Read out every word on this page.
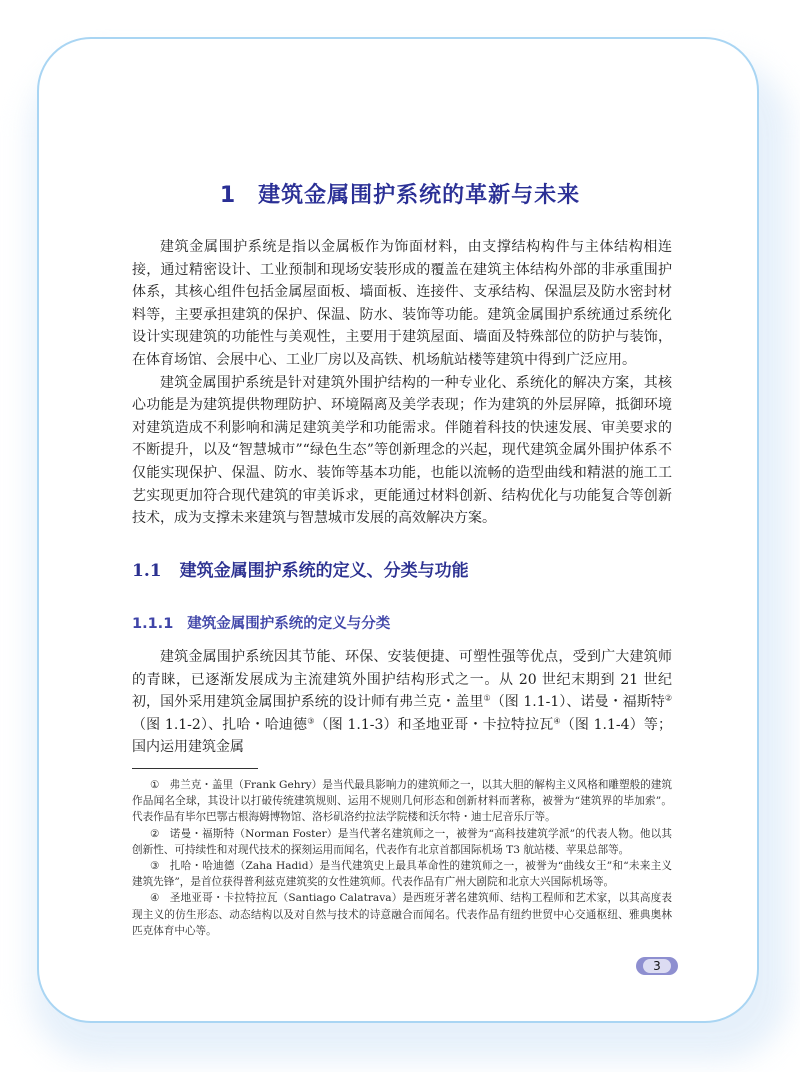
1 建筑金属围护系统的革新与未来

建筑金属围护系统是指以金属板作为饰面材料，由支撑结构构件与主体结构相连接，通过精密设计、工业预制和现场安装形成的覆盖在建筑主体结构外部的非承重围护体系，其核心组件包括金属屋面板、墙面板、连接件、支承结构、保温层及防水密封材料等，主要承担建筑的保护、保温、防水、装饰等功能。建筑金属围护系统通过系统化设计实现建筑的功能性与美观性，主要用于建筑屋面、墙面及特殊部位的防护与装饰，在体育场馆、会展中心、工业厂房以及高铁、机场航站楼等建筑中得到广泛应用。

建筑金属围护系统是针对建筑外围护结构的一种专业化、系统化的解决方案，其核心功能是为建筑提供物理防护、环境隔离及美学表现；作为建筑的外层屏障，抵御环境对建筑造成不利影响和满足建筑美学和功能需求。伴随着科技的快速发展、审美要求的不断提升，以及“智慧城市”“绿色生态”等创新理念的兴起，现代建筑金属外围护体系不仅能实现保护、保温、防水、装饰等基本功能，也能以流畅的造型曲线和精湛的施工工艺实现更加符合现代建筑的审美诉求，更能通过材料创新、结构优化与功能复合等创新技术，成为支撑未来建筑与智慧城市发展的高效解决方案。

1.1 建筑金属围护系统的定义、分类与功能
1.1.1 建筑金属围护系统的定义与分类

建筑金属围护系统因其节能、环保、安装便捷、可塑性强等优点，受到广大建筑师的青睐，已逐渐发展成为主流建筑外围护结构形式之一。从 20 世纪末期到 21 世纪初，国外采用建筑金属围护系统的设计师有弗兰克・盖里①（图 1.1-1）、诺曼・福斯特②（图 1.1-2）、扎哈・哈迪德③（图 1.1-3）和圣地亚哥・卡拉特拉瓦④（图 1.1-4）等；国内运用建筑金属

① 弗兰克・盖里（Frank Gehry）是当代最具影响力的建筑师之一，以其大胆的解构主义风格和雕塑般的建筑作品闻名全球，其设计以打破传统建筑规则、运用不规则几何形态和创新材料而著称，被誉为“建筑界的毕加索”。代表作品有毕尔巴鄂古根海姆博物馆、洛杉矶洛约拉法学院楼和沃尔特・迪士尼音乐厅等。

② 诺曼・福斯特（Norman Foster）是当代著名建筑师之一，被誉为“高科技建筑学派”的代表人物。他以其创新性、可持续性和对现代技术的探刻运用而闻名，代表作有北京首都国际机场 T3 航站楼、苹果总部等。

③ 扎哈・哈迪德（Zaha Hadid）是当代建筑史上最具革命性的建筑师之一，被誉为“曲线女王”和“未来主义建筑先锋”，是首位获得普利兹克建筑奖的女性建筑师。代表作品有广州大剧院和北京大兴国际机场等。

④ 圣地亚哥・卡拉特拉瓦（Santiago Calatrava）是西班牙著名建筑师、结构工程师和艺术家，以其高度表现主义的仿生形态、动态结构以及对自然与技术的诗意融合而闻名。代表作品有纽约世贸中心交通枢纽、雅典奥林匹克体育中心等。

3
